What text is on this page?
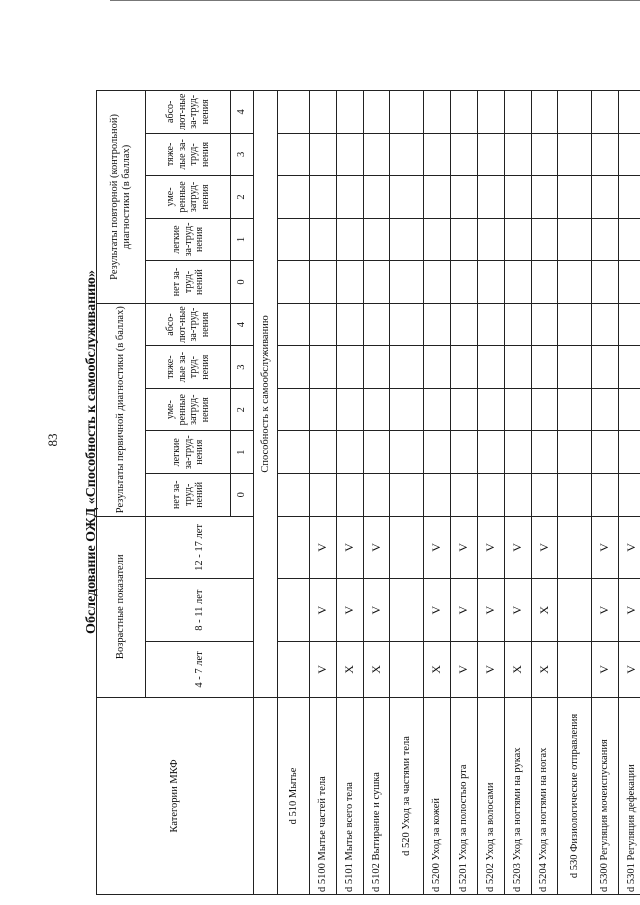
83 Обследование ОЖД «Способность к самообслуживанию»
Категории МКФ	Возрастные показатели			Результаты первичной диагностики (в баллах)					Результаты повторной (контрольной) диагностики (в баллах)				
	4 - 7 лет	8 - 11 лет	12 - 17 лет	нет за-труд-нений	легкие за-труд-нения	уме-ренные затруд-нения	тяже-лые за-труд-нения	абсо-лют-ные за-труд-нения	нет за-труд-нений	легкие за-труд-нения	уме-ренные затруд-нения	тяже-лые за-труд-нения	абсо-лют-ные за-труд-нения
				0	1	2	3	4	0	1	2	3	4
	Способность к самообслуживанию												
d 510 Мытье													
d 5100 Мытье частей тела	V	V	V										
d 5101 Мытье всего тела	X	V	V										
d 5102 Вытирание и сушка	X	V	V										
d 520 Уход за частями тела													
d 5200 Уход за кожей	X	V	V										
d 5201 Уход за полостью рта	V	V	V										
d 5202 Уход за волосами	V	V	V										
d 5203 Уход за ногтями на руках	X	V	V										
d 5204 Уход за ногтями на ногах	X	X	V										
d 530 Физиологические отправления													
d 5300 Регуляция мочеиспускания	V	V	V										
d 5301 Регуляция дефекации	V	V	V										
